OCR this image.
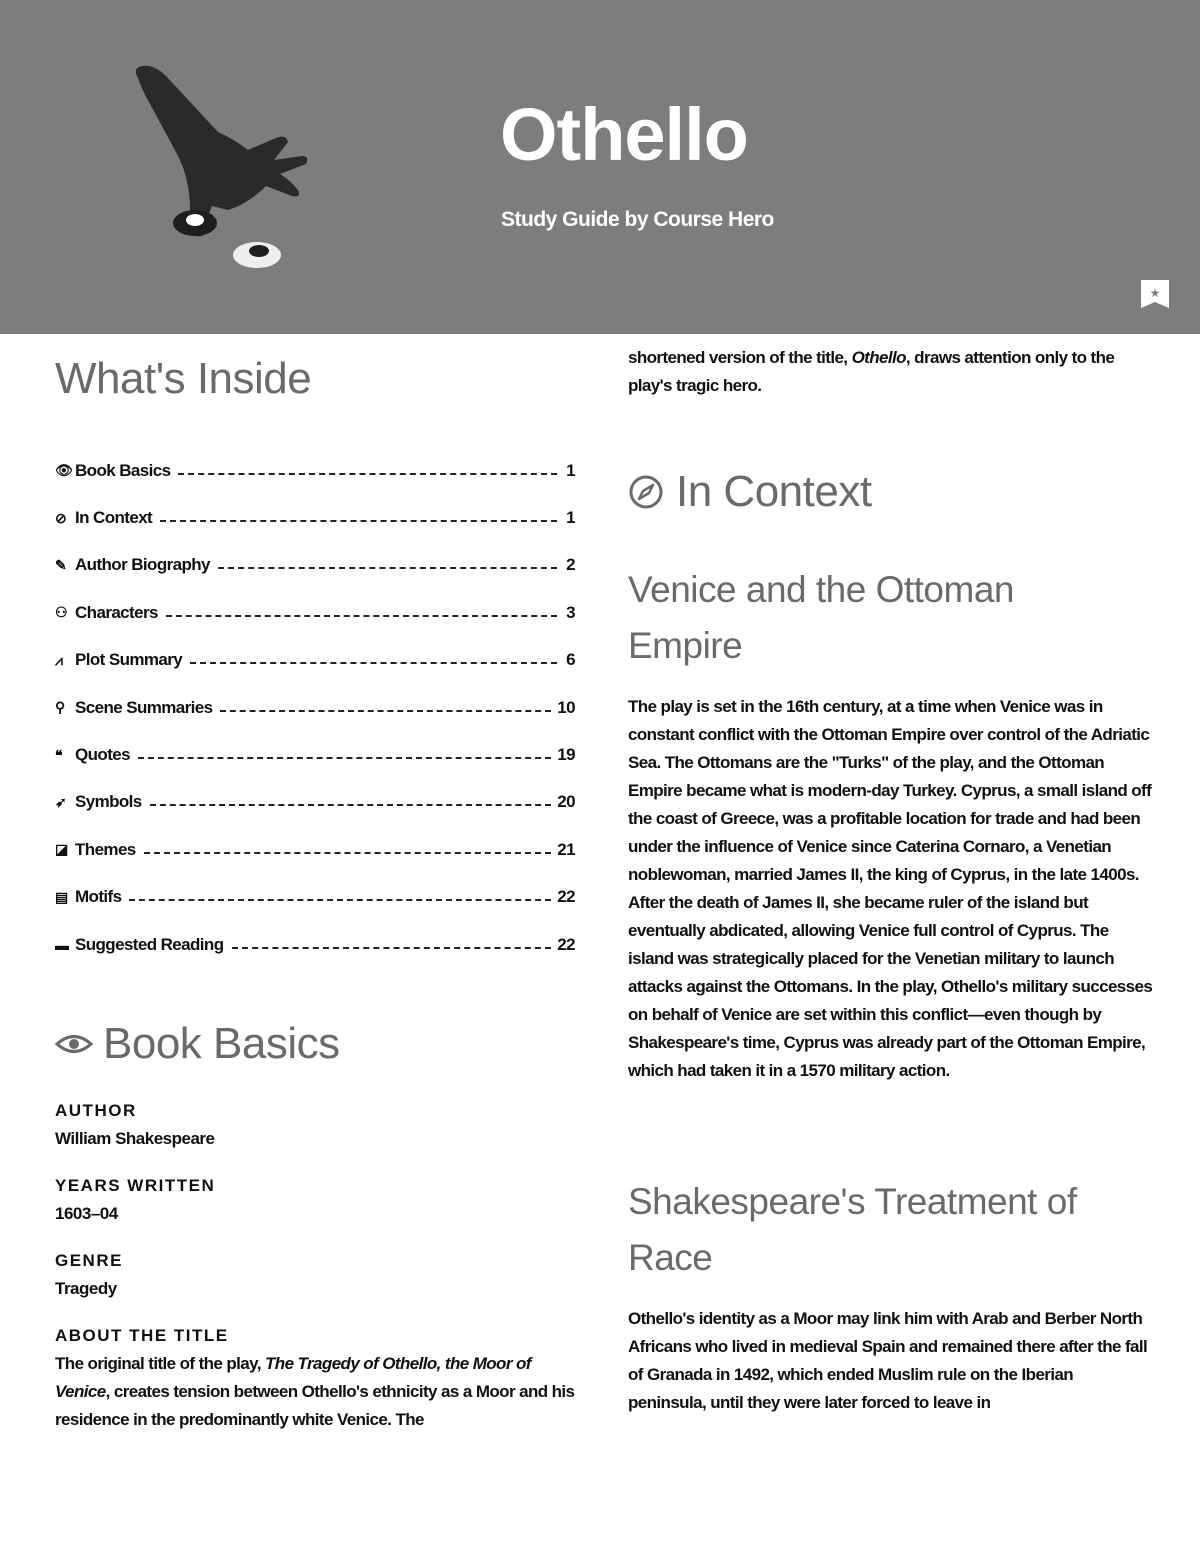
Othello
Study Guide by Course Hero
★
What's Inside
👁 Book Basics	1
⊘ In Context	1
✎ Author Biography	2
⚇ Characters	3
⩘ Plot Summary	6
⚲ Scene Summaries	10
❝ Quotes	19
➶ Symbols	20
◪ Themes	21
▤ Motifs	22
▬ Suggested Reading	22
Book Basics

AUTHOR

William Shakespeare

YEARS WRITTEN

1603–04

GENRE

Tragedy

ABOUT THE TITLE

The original title of the play, The Tragedy of Othello, the Moor of Venice, creates tension between Othello's ethnicity as a Moor and his residence in the predominantly white Venice. The

shortened version of the title, Othello, draws attention only to the play's tragic hero.

In Context
Venice and the Ottoman
Empire

The play is set in the 16th century, at a time when Venice was in constant conflict with the Ottoman Empire over control of the Adriatic Sea. The Ottomans are the "Turks" of the play, and the Ottoman Empire became what is modern-day Turkey. Cyprus, a small island off the coast of Greece, was a profitable location for trade and had been under the influence of Venice since Caterina Cornaro, a Venetian noblewoman, married James II, the king of Cyprus, in the late 1400s. After the death of James II, she became ruler of the island but eventually abdicated, allowing Venice full control of Cyprus. The island was strategically placed for the Venetian military to launch attacks against the Ottomans. In the play, Othello's military successes on behalf of Venice are set within this conflict—even though by Shakespeare's time, Cyprus was already part of the Ottoman Empire, which had taken it in a 1570 military action.

Shakespeare's Treatment of
Race

Othello's identity as a Moor may link him with Arab and Berber North Africans who lived in medieval Spain and remained there after the fall of Granada in 1492, which ended Muslim rule on the Iberian peninsula, until they were later forced to leave in
